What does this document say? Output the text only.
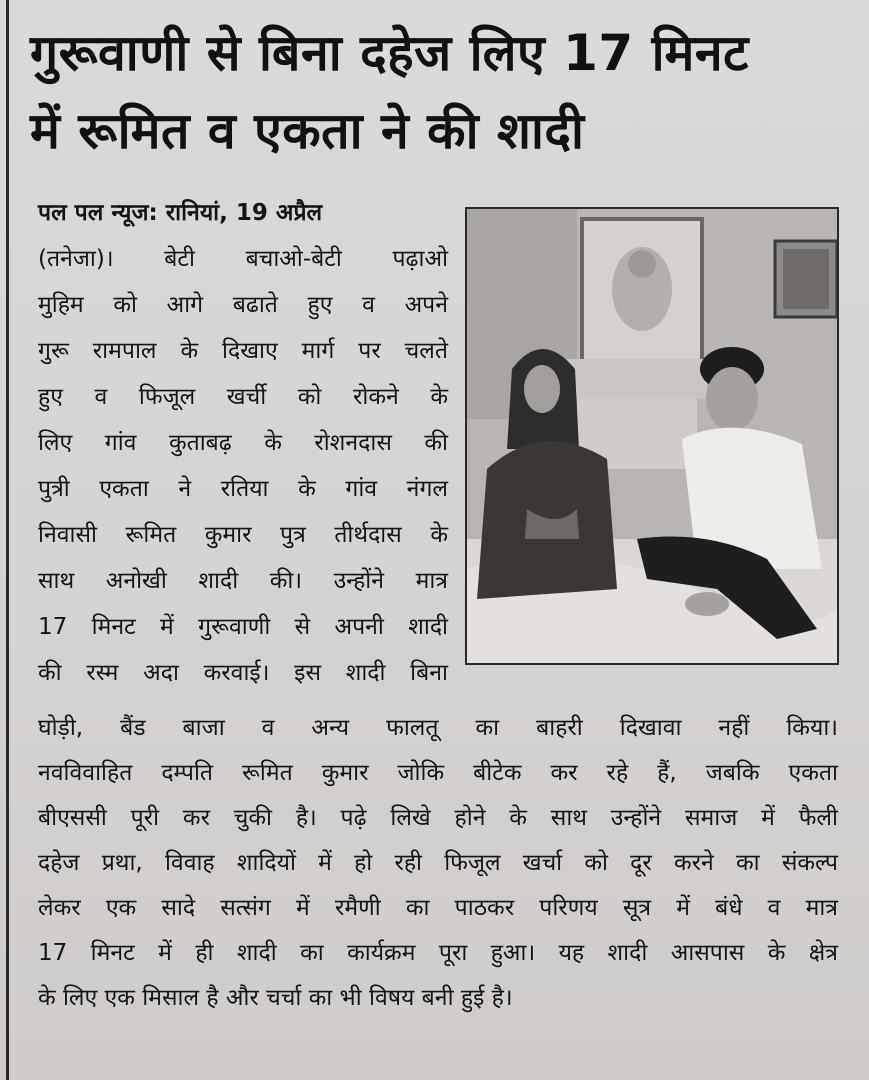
गुरूवाणी से बिना दहेज लिए 17 मिनट
में रूमित व एकता ने की शादी
पल पल न्यूज: रानियां, 19 अप्रैल
(तनेजा)। बेटी बचाओ-बेटी पढ़ाओ
मुहिम को आगे बढाते हुए व अपने
गुरू रामपाल के दिखाए मार्ग पर चलते
हुए व फिजूल खर्ची को रोकने के
लिए गांव कुताबढ़ के रोशनदास की
पुत्री एकता ने रतिया के गांव नंगल
निवासी रूमित कुमार पुत्र तीर्थदास के
साथ अनोखी शादी की। उन्होंने मात्र
17 मिनट में गुरूवाणी से अपनी शादी
की रस्म अदा करवाई। इस शादी बिना
घोड़ी, बैंड बाजा व अन्य फालतू का बाहरी दिखावा नहीं किया।
नवविवाहित दम्पति रूमित कुमार जोकि बीटेक कर रहे हैं, जबकि एकता
बीएससी पूरी कर चुकी है। पढ़े लिखे होने के साथ उन्होंने समाज में फैली
दहेज प्रथा, विवाह शादियों में हो रही फिजूल खर्चा को दूर करने का संकल्प
लेकर एक सादे सत्संग में रमैणी का पाठकर परिणय सूत्र में बंधे व मात्र
17 मिनट में ही शादी का कार्यक्रम पूरा हुआ। यह शादी आसपास के क्षेत्र
के लिए एक मिसाल है और चर्चा का भी विषय बनी हुई है।
